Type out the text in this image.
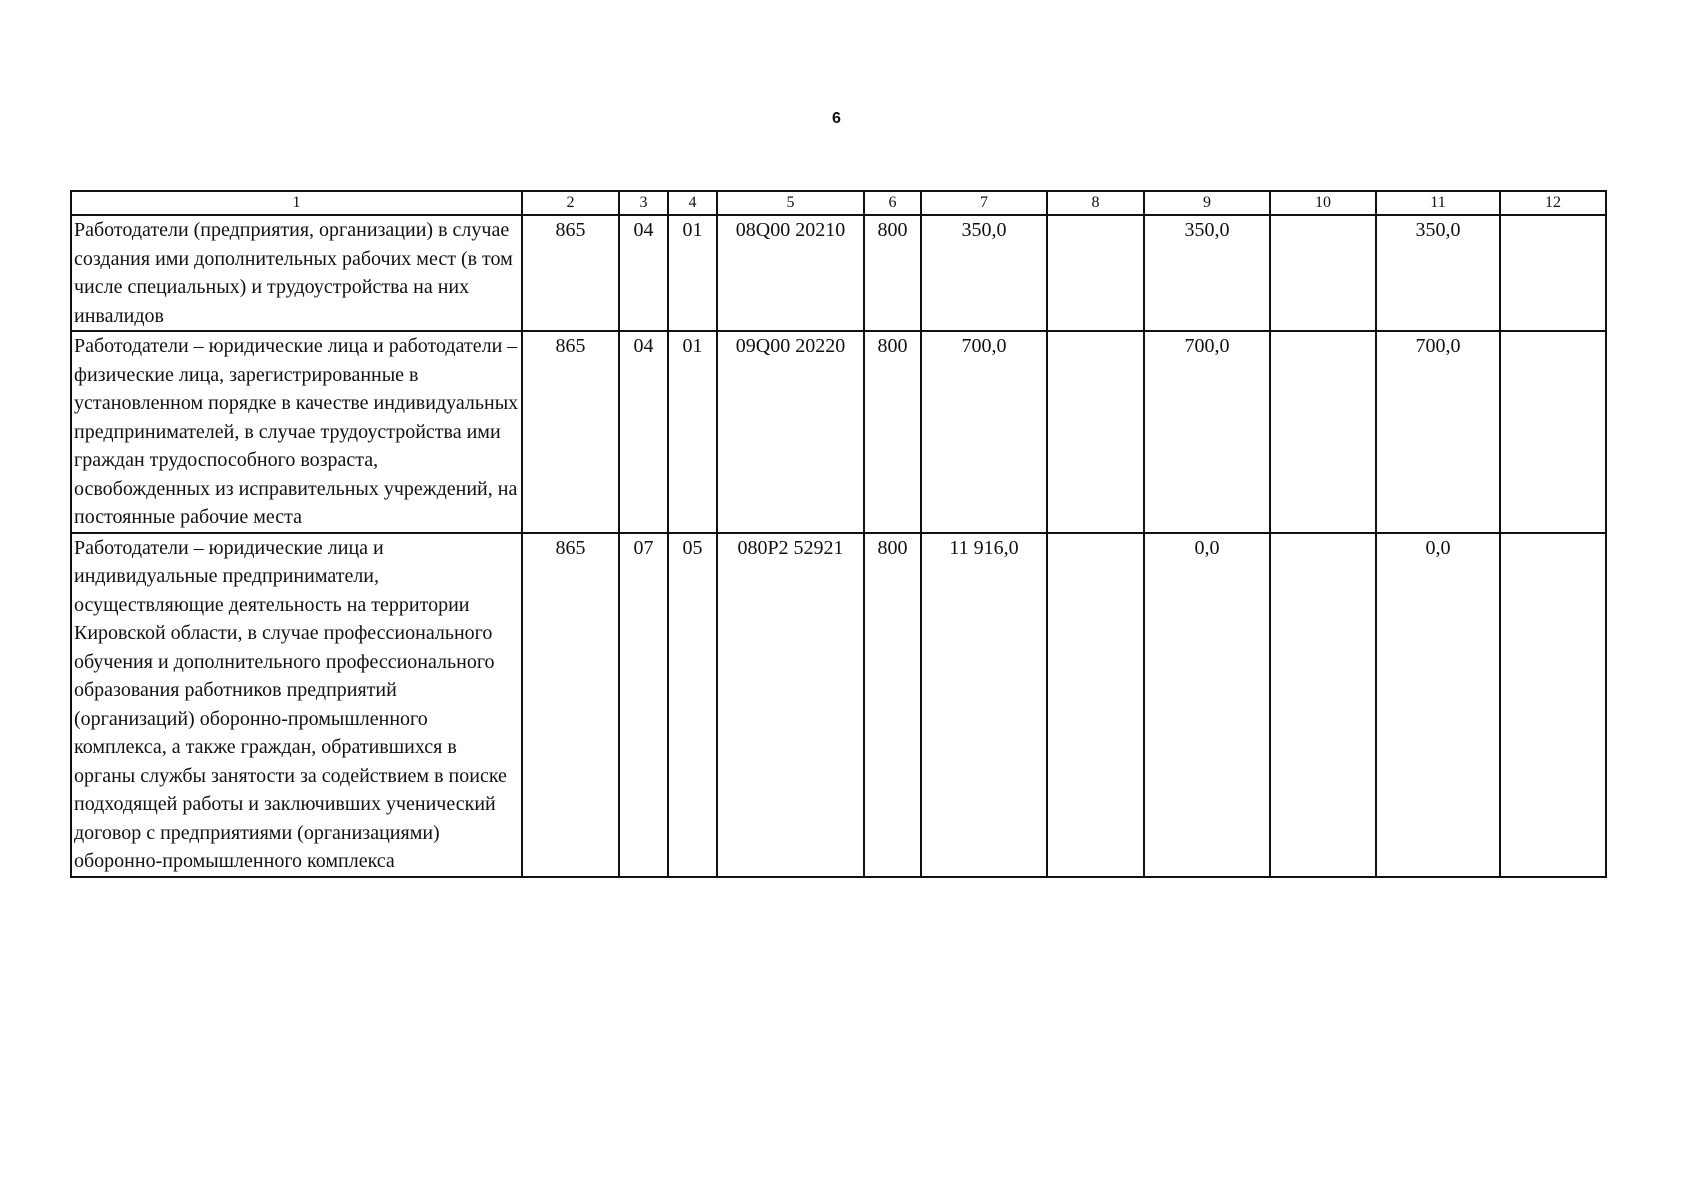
6
1	2	3	4	5	6	7	8	9	10	11	12
Работодатели (предприятия, организации) в случае создания ими дополнительных рабочих мест (в том числе специальных) и трудоустройства на них инвалидов	865	04	01	08Q00 20210	800	350,0		350,0		350,0	
Работодатели – юридические лица и работодатели – физические лица, зарегистрированные в установленном порядке в качестве индивидуальных предпринимателей, в случае трудоустройства ими граждан трудоспособного возраста, освобожденных из исправительных учреждений, на постоянные рабочие места	865	04	01	09Q00 20220	800	700,0		700,0		700,0	
Работодатели – юридические лица и индивидуальные предприниматели, осуществляющие деятельность на территории Кировской области, в случае профессионального обучения и дополнительного профессионального образования работников предприятий (организаций) оборонно-промышленного комплекса, а также граждан, обратившихся в органы службы занятости за содействием в поиске подходящей работы и заключивших ученический договор с предприятиями (организациями) оборонно-промышленного комплекса	865	07	05	080P2 52921	800	11 916,0		0,0		0,0	
